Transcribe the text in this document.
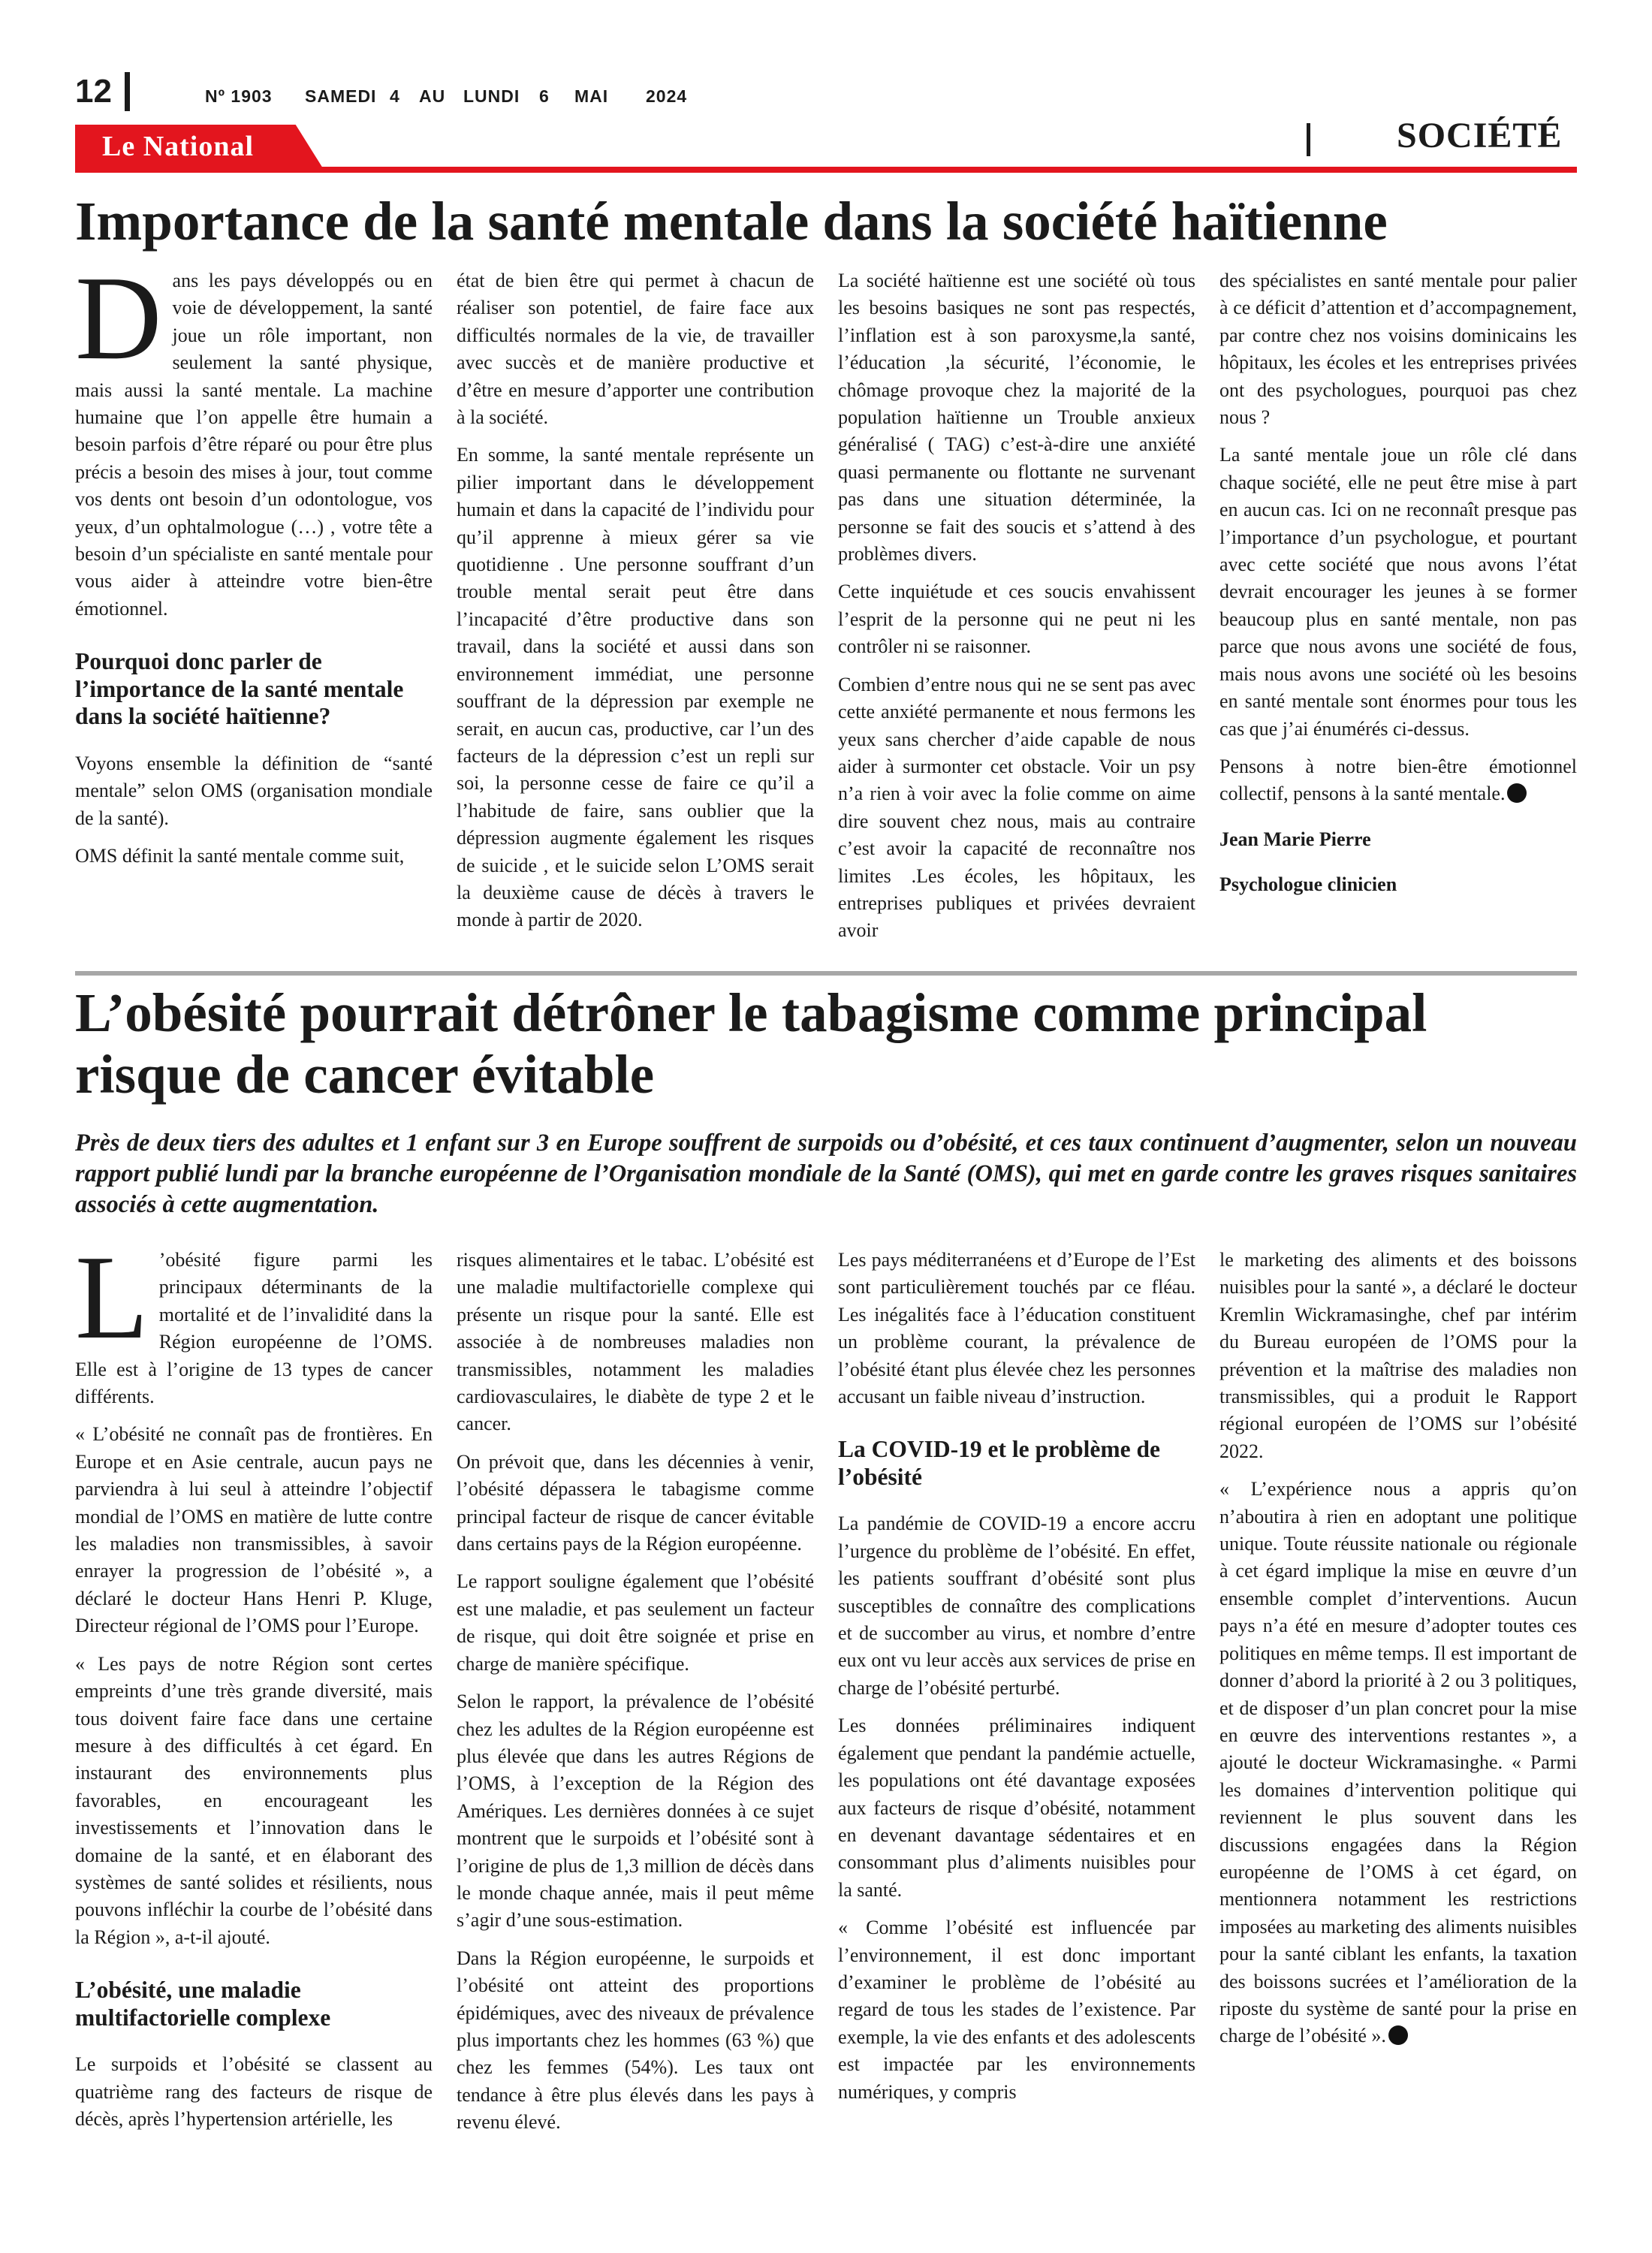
12	Nº 1903 SAMEDI 4 AU LUNDI 6 MAI 2024
Le National	SOCIÉTÉ
Importance de la santé mentale dans la société haïtienne

Dans les pays développés ou en voie de développement, la santé joue un rôle important, non seulement la santé physique, mais aussi la santé mentale. La machine humaine que l’on appelle être humain a besoin parfois d’être réparé ou pour être plus précis a besoin des mises à jour, tout comme vos dents ont besoin d’un odontologue, vos yeux, d’un ophtalmologue (…) , votre tête a besoin d’un spécialiste en santé mentale pour vous aider à atteindre votre bien-être émotionnel.

Pourquoi donc parler de l’importance de la santé mentale dans la société haïtienne?

Voyons ensemble la définition de “santé mentale” selon OMS (organisation mondiale de la santé).

OMS définit la santé mentale comme suit,

état de bien être qui permet à chacun de réaliser son potentiel, de faire face aux difficultés normales de la vie, de travailler avec succès et de manière productive et d’être en mesure d’apporter une contribution à la société.

En somme, la santé mentale représente un pilier important dans le développement humain et dans la capacité de l’individu pour qu’il apprenne à mieux gérer sa vie quotidienne . Une personne souffrant d’un trouble mental serait peut être dans l’incapacité d’être productive dans son travail, dans la société et aussi dans son environnement immédiat, une personne souffrant de la dépression par exemple ne serait, en aucun cas, productive, car l’un des facteurs de la dépression c’est un repli sur soi, la personne cesse de faire ce qu’il a l’habitude de faire, sans oublier que la dépression augmente également les risques de suicide , et le suicide selon L’OMS serait la deuxième cause de décès à travers le monde à partir de 2020.

La société haïtienne est une société où tous les besoins basiques ne sont pas respectés, l’inflation est à son paroxysme,la santé, l’éducation ,la sécurité, l’économie, le chômage provoque chez la majorité de la population haïtienne un Trouble anxieux généralisé ( TAG) c’est-à-dire une anxiété quasi permanente ou flottante ne survenant pas dans une situation déterminée, la personne se fait des soucis et s’attend à des problèmes divers.

Cette inquiétude et ces soucis envahissent l’esprit de la personne qui ne peut ni les contrôler ni se raisonner.

Combien d’entre nous qui ne se sent pas avec cette anxiété permanente et nous fermons les yeux sans chercher d’aide capable de nous aider à surmonter cet obstacle. Voir un psy n’a rien à voir avec la folie comme on aime dire souvent chez nous, mais au contraire c’est avoir la capacité de reconnaître nos limites .Les écoles, les hôpitaux, les entreprises publiques et privées devraient avoir

des spécialistes en santé mentale pour palier à ce déficit d’attention et d’accompagnement, par contre chez nos voisins dominicains les hôpitaux, les écoles et les entreprises privées ont des psychologues, pourquoi pas chez nous ?

La santé mentale joue un rôle clé dans chaque société, elle ne peut être mise à part en aucun cas. Ici on ne reconnaît presque pas l’importance d’un psychologue, et pourtant avec cette société que nous avons l’état devrait encourager les jeunes à se former beaucoup plus en santé mentale, non pas parce que nous avons une société de fous, mais nous avons une société où les besoins en santé mentale sont énormes pour tous les cas que j’ai énumérés ci-dessus.

Pensons à notre bien-être émotionnel collectif, pensons à la santé mentale.

Jean Marie Pierre

Psychologue clinicien

L’obésité pourrait détrôner le tabagisme comme principal risque de cancer évitable

Près de deux tiers des adultes et 1 enfant sur 3 en Europe souffrent de surpoids ou d’obésité, et ces taux continuent d’augmenter, selon un nouveau rapport publié lundi par la branche européenne de l’Organisation mondiale de la Santé (OMS), qui met en garde contre les graves risques sanitaires associés à cette augmentation.

L ’obésité figure parmi les principaux déterminants de la mortalité et de l’invalidité dans la Région européenne de l’OMS. Elle est à l’origine de 13 types de cancer différents.

« L’obésité ne connaît pas de frontières. En Europe et en Asie centrale, aucun pays ne parviendra à lui seul à atteindre l’objectif mondial de l’OMS en matière de lutte contre les maladies non transmissibles, à savoir enrayer la progression de l’obésité », a déclaré le docteur Hans Henri P. Kluge, Directeur régional de l’OMS pour l’Europe.

« Les pays de notre Région sont certes empreints d’une très grande diversité, mais tous doivent faire face dans une certaine mesure à des difficultés à cet égard. En instaurant des environnements plus favorables, en encourageant les investissements et l’innovation dans le domaine de la santé, et en élaborant des systèmes de santé solides et résilients, nous pouvons infléchir la courbe de l’obésité dans la Région », a-t-il ajouté.

L’obésité, une maladie multifactorielle complexe

Le surpoids et l’obésité se classent au quatrième rang des facteurs de risque de décès, après l’hypertension artérielle, les

risques alimentaires et le tabac. L’obésité est une maladie multifactorielle complexe qui présente un risque pour la santé. Elle est associée à de nombreuses maladies non transmissibles, notamment les maladies cardiovasculaires, le diabète de type 2 et le cancer.

On prévoit que, dans les décennies à venir, l’obésité dépassera le tabagisme comme principal facteur de risque de cancer évitable dans certains pays de la Région européenne.

Le rapport souligne également que l’obésité est une maladie, et pas seulement un facteur de risque, qui doit être soignée et prise en charge de manière spécifique.

Selon le rapport, la prévalence de l’obésité chez les adultes de la Région européenne est plus élevée que dans les autres Régions de l’OMS, à l’exception de la Région des Amériques. Les dernières données à ce sujet montrent que le surpoids et l’obésité sont à l’origine de plus de 1,3 million de décès dans le monde chaque année, mais il peut même s’agir d’une sous-estimation.

Dans la Région européenne, le surpoids et l’obésité ont atteint des proportions épidémiques, avec des niveaux de prévalence plus importants chez les hommes (63 %) que chez les femmes (54%). Les taux ont tendance à être plus élevés dans les pays à revenu élevé.

Les pays méditerranéens et d’Europe de l’Est sont particulièrement touchés par ce fléau. Les inégalités face à l’éducation constituent un problème courant, la prévalence de l’obésité étant plus élevée chez les personnes accusant un faible niveau d’instruction.

La COVID-19 et le problème de l’obésité

La pandémie de COVID-19 a encore accru l’urgence du problème de l’obésité. En effet, les patients souffrant d’obésité sont plus susceptibles de connaître des complications et de succomber au virus, et nombre d’entre eux ont vu leur accès aux services de prise en charge de l’obésité perturbé.

Les données préliminaires indiquent également que pendant la pandémie actuelle, les populations ont été davantage exposées aux facteurs de risque d’obésité, notamment en devenant davantage sédentaires et en consommant plus d’aliments nuisibles pour la santé.

« Comme l’obésité est influencée par l’environnement, il est donc important d’examiner le problème de l’obésité au regard de tous les stades de l’existence. Par exemple, la vie des enfants et des adolescents est impactée par les environnements numériques, y compris

le marketing des aliments et des boissons nuisibles pour la santé », a déclaré le docteur Kremlin Wickramasinghe, chef par intérim du Bureau européen de l’OMS pour la prévention et la maîtrise des maladies non transmissibles, qui a produit le Rapport régional européen de l’OMS sur l’obésité 2022.

« L’expérience nous a appris qu’on n’aboutira à rien en adoptant une politique unique. Toute réussite nationale ou régionale à cet égard implique la mise en œuvre d’un ensemble complet d’interventions. Aucun pays n’a été en mesure d’adopter toutes ces politiques en même temps. Il est important de donner d’abord la priorité à 2 ou 3 politiques, et de disposer d’un plan concret pour la mise en œuvre des interventions restantes », a ajouté le docteur Wickramasinghe. « Parmi les domaines d’intervention politique qui reviennent le plus souvent dans les discussions engagées dans la Région européenne de l’OMS à cet égard, on mentionnera notamment les restrictions imposées au marketing des aliments nuisibles pour la santé ciblant les enfants, la taxation des boissons sucrées et l’amélioration de la riposte du système de santé pour la prise en charge de l’obésité ».
